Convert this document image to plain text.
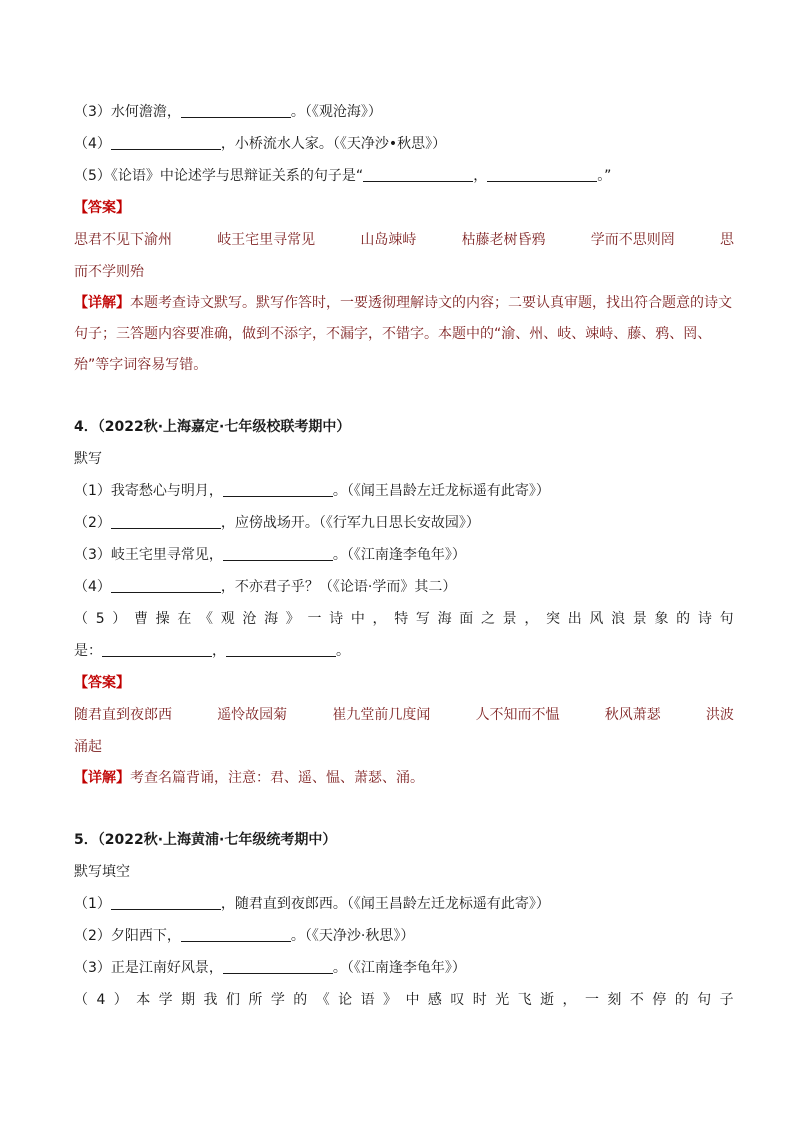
（3）水何澹澹，	。（《观沧海》）
（4）	，小桥流水人家。（《天净沙•秋思》）
（5）《论语》中论述学与思辩证关系的句子是“	，	。”
【答案】
思君不见下渝州	岐王宅里寻常见	山岛竦峙	枯藤老树昏鸦	学而不思则罔	思
而不学则殆
【详解】本题考查诗文默写。默写作答时，一要透彻理解诗文的内容；二要认真审题，找出符合题意的诗文句子；三答题内容要准确，做到不添字，不漏字，不错字。本题中的“渝、州、岐、竦峙、藤、鸦、罔、殆”等字词容易写错。
4．（2022秋·上海嘉定·七年级校联考期中）
默写
（1）我寄愁心与明月，	。（《闻王昌龄左迁龙标遥有此寄》）
（2）	，应傍战场开。（《行军九日思长安故园》）
（3）岐王宅里寻常见，	。（《江南逢李龟年》）
（4）	，不亦君子乎？（《论语·学而》其二）
（ 5 ） 曹 操 在 《 观 沧 海 》 一 诗 中 ， 特 写 海 面 之 景 ， 突 出 风 浪 景 象 的 诗 句
是：	，	。
【答案】
随君直到夜郎西	遥怜故园菊	崔九堂前几度闻	人不知而不愠	秋风萧瑟	洪波
涌起
【详解】考查名篇背诵，注意：君、遥、愠、萧瑟、涌。
5．（2022秋·上海黄浦·七年级统考期中）
默写填空
（1）	，随君直到夜郎西。（《闻王昌龄左迁龙标遥有此寄》）
（2）夕阳西下，	。（《天净沙·秋思》）
（3）正是江南好风景，	。（《江南逢李龟年》）
（ 4 ） 本 学 期 我 们 所 学 的 《 论 语 》 中 感 叹 时 光 飞 逝 ， 一 刻 不 停 的 句 子
